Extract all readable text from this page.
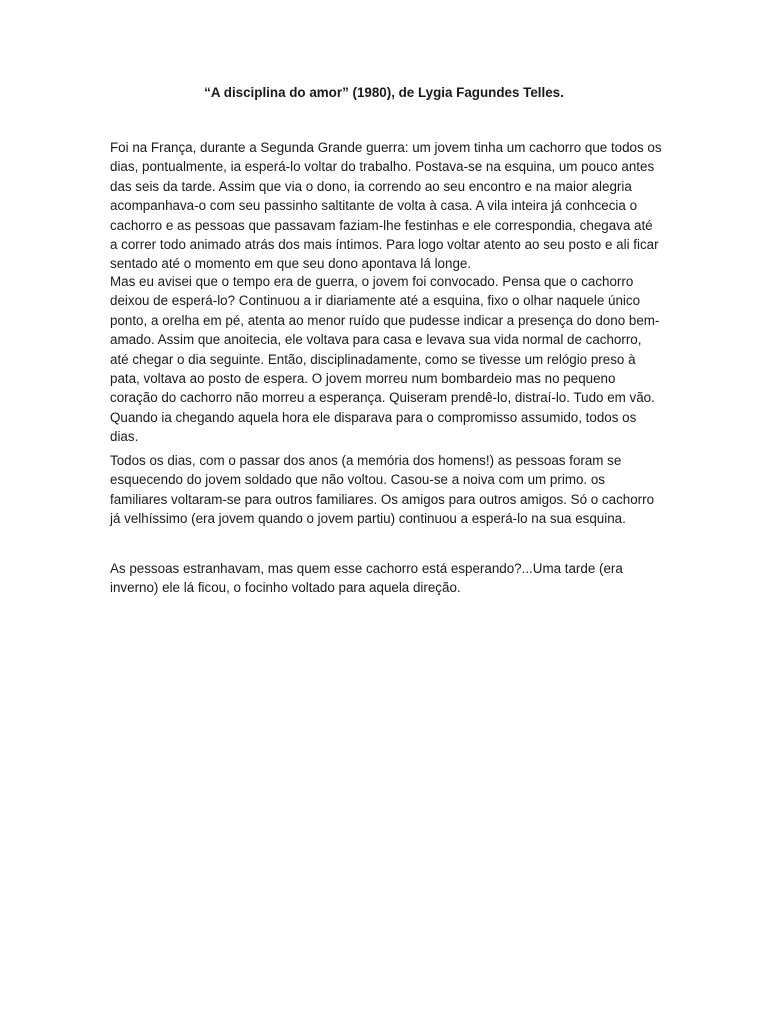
“A disciplina do amor” (1980), de Lygia Fagundes Telles.

Foi na França, durante a Segunda Grande guerra: um jovem tinha um cachorro que todos os dias, pontualmente, ia esperá-lo voltar do trabalho. Postava-se na esquina, um pouco antes das seis da tarde. Assim que via o dono, ia correndo ao seu encontro e na maior alegria acompanhava-o com seu passinho saltitante de volta à casa. A vila inteira já conhcecia o cachorro e as pessoas que passavam faziam-lhe festinhas e ele correspondia, chegava até a correr todo animado atrás dos mais íntimos. Para logo voltar atento ao seu posto e ali ficar sentado até o momento em que seu dono apontava lá longe.

Mas eu avisei que o tempo era de guerra, o jovem foi convocado. Pensa que o cachorro deixou de esperá-lo? Continuou a ir diariamente até a esquina, fixo o olhar naquele único ponto, a orelha em pé, atenta ao menor ruído que pudesse indicar a presença do dono bem-amado. Assim que anoitecia, ele voltava para casa e levava sua vida normal de cachorro, até chegar o dia seguinte. Então, disciplinadamente, como se tivesse um relógio preso à pata, voltava ao posto de espera. O jovem morreu num bombardeio mas no pequeno coração do cachorro não morreu a esperança. Quiseram prendê-lo, distraí-lo. Tudo em vão. Quando ia chegando aquela hora ele disparava para o compromisso assumido, todos os dias.

Todos os dias, com o passar dos anos (a memória dos homens!) as pessoas foram se esquecendo do jovem soldado que não voltou. Casou-se a noiva com um primo. os familiares voltaram-se para outros familiares. Os amigos para outros amigos. Só o cachorro já velhíssimo (era jovem quando o jovem partiu) continuou a esperá-lo na sua esquina.

As pessoas estranhavam, mas quem esse cachorro está esperando?...Uma tarde (era inverno) ele lá ficou, o focinho voltado para aquela direção.
